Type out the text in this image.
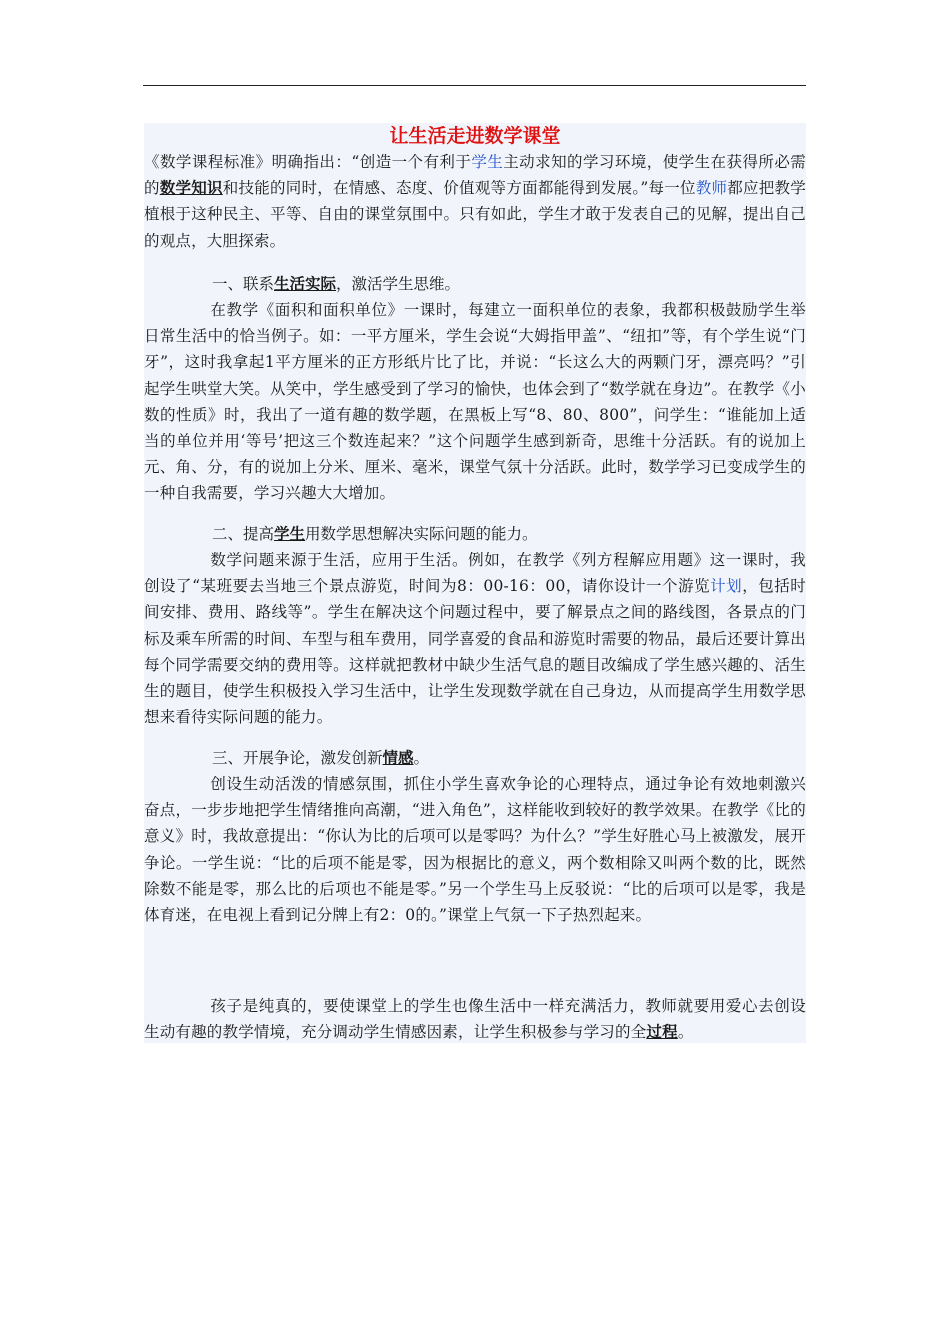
让生活走进数学课堂
《数学课程标准》明确指出：“创造一个有利于学生主动求知的学习环境，使学生在获得所必需的数学知识和技能的同时，在情感、态度、价值观等方面都能得到发展。”每一位教师都应把教学植根于这种民主、平等、自由的课堂氛围中。只有如此，学生才敢于发表自己的见解，提出自己的观点，大胆探索。
一、联系生活实际，激活学生思维。
在教学《面积和面积单位》一课时，每建立一面积单位的表象，我都积极鼓励学生举日常生活中的恰当例子。如：一平方厘米，学生会说“大姆指甲盖”、“纽扣”等，有个学生说“门牙”，这时我拿起1平方厘米的正方形纸片比了比，并说：“长这么大的两颗门牙，漂亮吗？”引起学生哄堂大笑。从笑中，学生感受到了学习的愉快，也体会到了“数学就在身边”。在教学《小数的性质》时，我出了一道有趣的数学题，在黑板上写“8、80、800”，问学生：“谁能加上适当的单位并用‘等号’把这三个数连起来？”这个问题学生感到新奇，思维十分活跃。有的说加上元、角、分，有的说加上分米、厘米、毫米，课堂气氛十分活跃。此时，数学学习已变成学生的一种自我需要，学习兴趣大大增加。
二、提高学生用数学思想解决实际问题的能力。
数学问题来源于生活，应用于生活。例如，在教学《列方程解应用题》这一课时，我创设了“某班要去当地三个景点游览，时间为8：00-16：00，请你设计一个游览计划，包括时间安排、费用、路线等”。学生在解决这个问题过程中，要了解景点之间的路线图，各景点的门标及乘车所需的时间、车型与租车费用，同学喜爱的食品和游览时需要的物品，最后还要计算出每个同学需要交纳的费用等。这样就把教材中缺少生活气息的题目改编成了学生感兴趣的、活生生的题目，使学生积极投入学习生活中，让学生发现数学就在自己身边，从而提高学生用数学思想来看待实际问题的能力。
三、开展争论，激发创新情感。
创设生动活泼的情感氛围，抓住小学生喜欢争论的心理特点，通过争论有效地刺激兴奋点，一步步地把学生情绪推向高潮，“进入角色”，这样能收到较好的教学效果。在教学《比的意义》时，我故意提出：“你认为比的后项可以是零吗？为什么？”学生好胜心马上被激发，展开争论。一学生说：“比的后项不能是零，因为根据比的意义，两个数相除又叫两个数的比，既然除数不能是零，那么比的后项也不能是零。”另一个学生马上反驳说：“比的后项可以是零，我是体育迷，在电视上看到记分牌上有2：0的。”课堂上气氛一下子热烈起来。
孩子是纯真的，要使课堂上的学生也像生活中一样充满活力，教师就要用爱心去创设生动有趣的教学情境，充分调动学生情感因素，让学生积极参与学习的全过程。
